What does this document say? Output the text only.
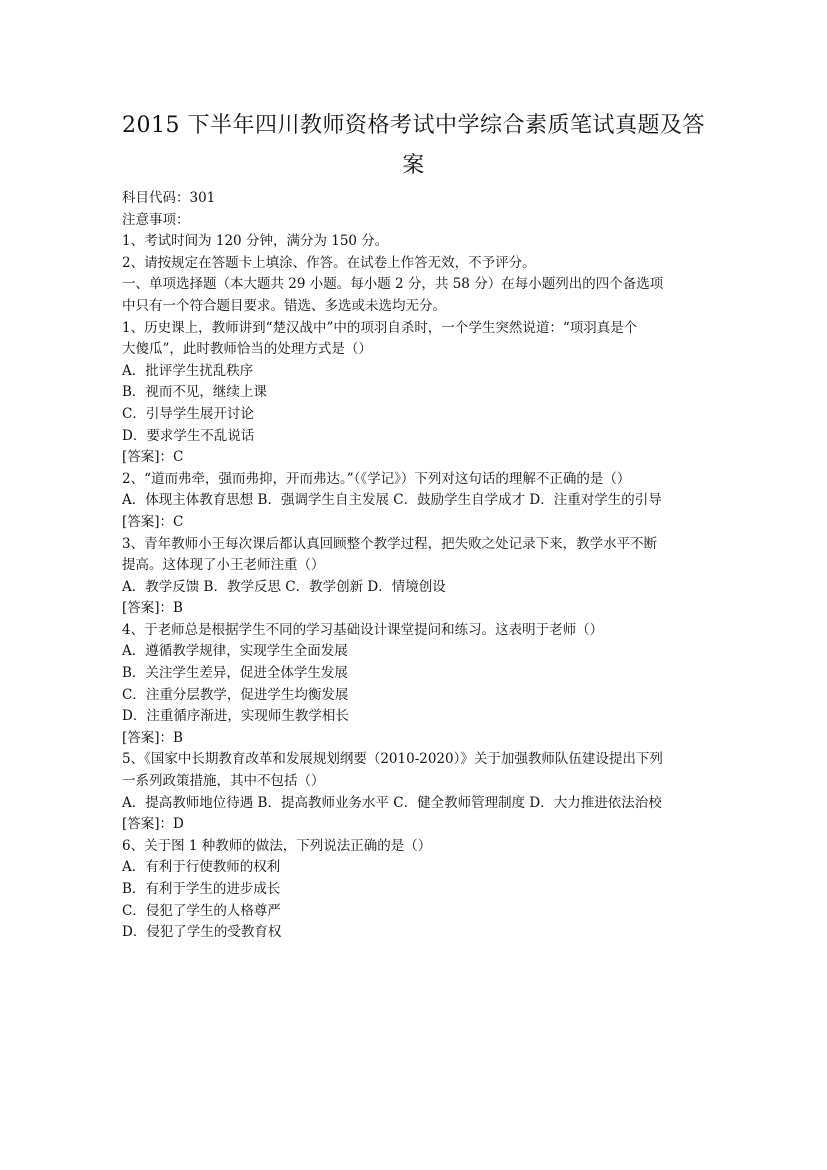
2015 下半年四川教师资格考试中学综合素质笔试真题及答
案
科目代码：301
注意事项：
1、考试时间为 120 分钟，满分为 150 分。
2、请按规定在答题卡上填涂、作答。在试卷上作答无效，不予评分。
一、单项选择题（本大题共 29 小题。每小题 2 分，共 58 分）在每小题列出的四个备选项
中只有一个符合题目要求。错选、多选或未选均无分。
1、历史课上，教师讲到“楚汉战中”中的项羽自杀时，一个学生突然说道：“项羽真是个
大傻瓜”，此时教师恰当的处理方式是（）
A．批评学生扰乱秩序
B．视而不见，继续上课
C．引导学生展开讨论
D．要求学生不乱说话
[答案]：C
2、“道而弗牵，强而弗抑，开而弗达。”（《学记》）下列对这句话的理解不正确的是（）
A．体现主体教育思想 B．强调学生自主发展 C．鼓励学生自学成才 D．注重对学生的引导
[答案]：C
3、青年教师小王每次课后都认真回顾整个教学过程，把失败之处记录下来，教学水平不断
提高。这体现了小王老师注重（）
A．教学反馈 B．教学反思 C．教学创新 D．情境创设
[答案]：B
4、于老师总是根据学生不同的学习基础设计课堂提问和练习。这表明于老师（）
A．遵循教学规律，实现学生全面发展
B．关注学生差异，促进全体学生发展
C．注重分层教学，促进学生均衡发展
D．注重循序渐进，实现师生教学相长
[答案]：B
5、《国家中长期教育改革和发展规划纲要（2010-2020）》关于加强教师队伍建设提出下列
一系列政策措施，其中不包括（）
A．提高教师地位待遇 B．提高教师业务水平 C．健全教师管理制度 D．大力推进依法治校
[答案]：D
6、关于图 1 种教师的做法，下列说法正确的是（）
A．有利于行使教师的权利
B．有利于学生的进步成长
C．侵犯了学生的人格尊严
D．侵犯了学生的受教育权
